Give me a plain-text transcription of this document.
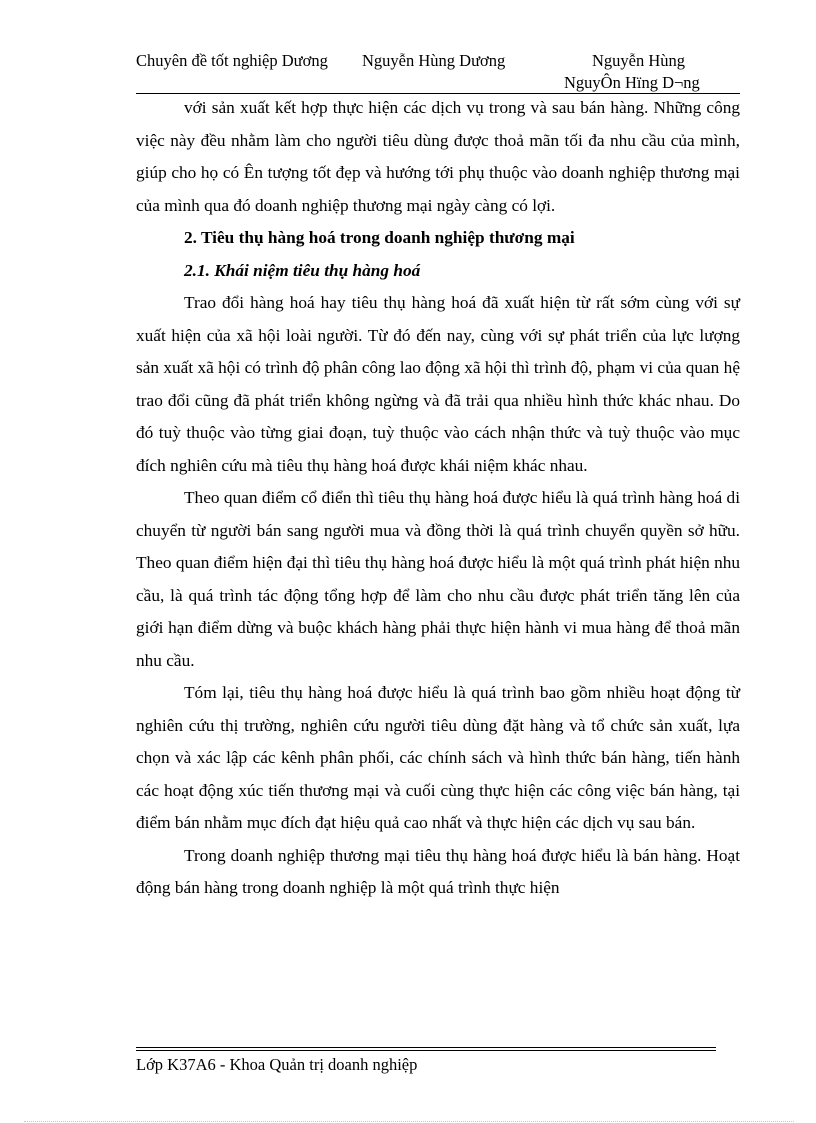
Chuyên đề tốt nghiệp Dương	Nguyễn Hùng Dương	Nguyễn Hùng
NguyÔn Hïng D¬ng

với sản xuất kết hợp thực hiện các dịch vụ trong và sau bán hàng. Những công việc này đều nhằm làm cho người tiêu dùng được thoả mãn tối đa nhu cầu của mình, giúp cho họ có Ên tượng tốt đẹp và hướng tới phụ thuộc vào doanh nghiệp thương mại của mình qua đó doanh nghiệp thương mại ngày càng có lợi.

2. Tiêu thụ hàng hoá trong doanh nghiệp thương mại
2.1. Khái niệm tiêu thụ hàng hoá

Trao đổi hàng hoá hay tiêu thụ hàng hoá đã xuất hiện từ rất sớm cùng với sự xuất hiện của xã hội loài người. Từ đó đến nay, cùng với sự phát triển của lực lượng sản xuất xã hội có trình độ phân công lao động xã hội thì trình độ, phạm vi của quan hệ trao đổi cũng đã phát triển không ngừng và đã trải qua nhiều hình thức khác nhau. Do đó tuỳ thuộc vào từng giai đoạn, tuỳ thuộc vào cách nhận thức và tuỳ thuộc vào mục đích nghiên cứu mà tiêu thụ hàng hoá được khái niệm khác nhau.

Theo quan điểm cổ điển thì tiêu thụ hàng hoá được hiểu là quá trình hàng hoá di chuyển từ người bán sang người mua và đồng thời là quá trình chuyển quyền sở hữu. Theo quan điểm hiện đại thì tiêu thụ hàng hoá được hiểu là một quá trình phát hiện nhu cầu, là quá trình tác động tổng hợp để làm cho nhu cầu được phát triển tăng lên của giới hạn điểm dừng và buộc khách hàng phải thực hiện hành vi mua hàng để thoả mãn nhu cầu.

Tóm lại, tiêu thụ hàng hoá được hiểu là quá trình bao gồm nhiều hoạt động từ nghiên cứu thị trường, nghiên cứu người tiêu dùng đặt hàng và tổ chức sản xuất, lựa chọn và xác lập các kênh phân phối, các chính sách và hình thức bán hàng, tiến hành các hoạt động xúc tiến thương mại và cuối cùng thực hiện các công việc bán hàng, tại điểm bán nhằm mục đích đạt hiệu quả cao nhất và thực hiện các dịch vụ sau bán.

Trong doanh nghiệp thương mại tiêu thụ hàng hoá được hiểu là bán hàng. Hoạt động bán hàng trong doanh nghiệp là một quá trình thực hiện

Lớp K37A6 - Khoa Quản trị doanh nghiệp
